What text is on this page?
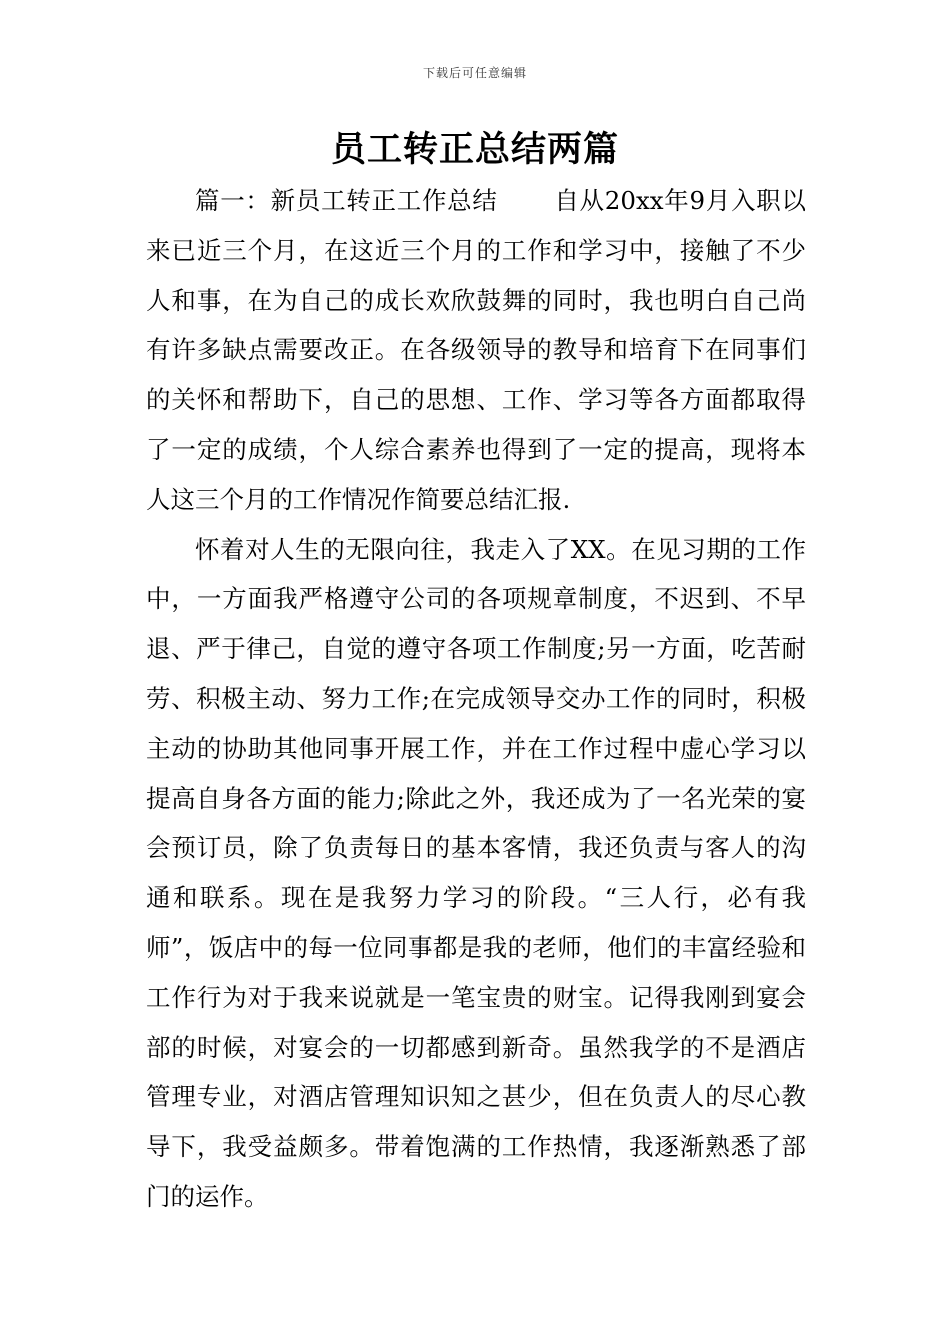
下载后可任意编辑
员工转正总结两篇

篇一：新员工转正工作总结 自从20xx年9月入职以来已近三个月，在这近三个月的工作和学习中，接触了不少人和事，在为自己的成长欢欣鼓舞的同时，我也明白自己尚有许多缺点需要改正。在各级领导的教导和培育下在同事们的关怀和帮助下，自己的思想、工作、学习等各方面都取得了一定的成绩，个人综合素养也得到了一定的提高，现将本人这三个月的工作情况作简要总结汇报.

怀着对人生的无限向往，我走入了XX。在见习期的工作中，一方面我严格遵守公司的各项规章制度，不迟到、不早退、严于律己，自觉的遵守各项工作制度;另一方面，吃苦耐劳、积极主动、努力工作;在完成领导交办工作的同时，积极主动的协助其他同事开展工作，并在工作过程中虚心学习以提高自身各方面的能力;除此之外，我还成为了一名光荣的宴会预订员，除了负责每日的基本客情，我还负责与客人的沟通和联系。现在是我努力学习的阶段。“三人行，必有我师”，饭店中的每一位同事都是我的老师，他们的丰富经验和工作行为对于我来说就是一笔宝贵的财宝。记得我刚到宴会部的时候，对宴会的一切都感到新奇。虽然我学的不是酒店管理专业，对酒店管理知识知之甚少，但在负责人的尽心教导下，我受益颇多。带着饱满的工作热情，我逐渐熟悉了部门的运作。
